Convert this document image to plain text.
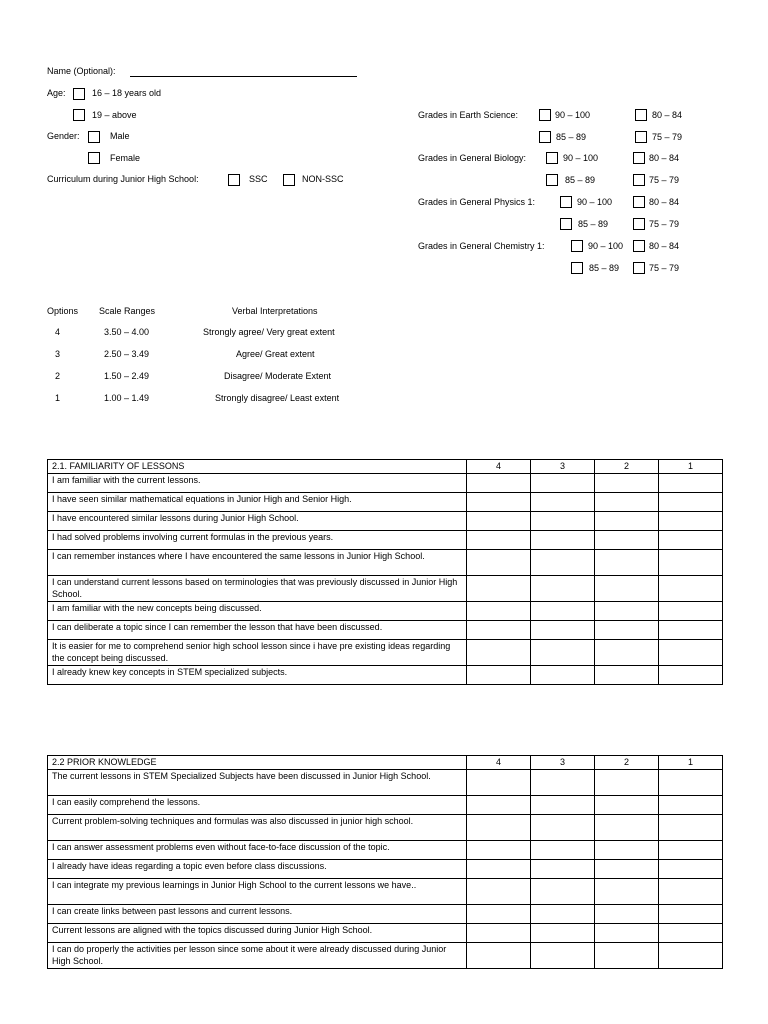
Name (Optional):
Age:	16 – 18 years old
19 – above
Gender:	Male
Female
Curriculum during Junior High School:	SSC	NON-SSC
Grades in Earth Science:	90 – 100	80 – 84
85 – 89	75 – 79
Grades in General Biology:	90 – 100	80 – 84
85 – 89	75 – 79
Grades in General Physics 1:	90 – 100	80 – 84
85 – 89	75 – 79
Grades in General Chemistry 1:	90 – 100	80 – 84
85 – 89	75 – 79
Options Scale Ranges	Verbal Interpretations
4	3.50 – 4.00	Strongly agree/ Very great extent
3	2.50 – 3.49	Agree/ Great extent
2	1.50 – 2.49	Disagree/ Moderate Extent
1	1.00 – 1.49	Strongly disagree/ Least extent
2.1. FAMILIARITY OF LESSONS	4	3	2	1
I am familiar with the current lessons.				
I have seen similar mathematical equations in Junior High and Senior High.				
I have encountered similar lessons during Junior High School.				
I had solved problems involving current formulas in the previous years.				
I can remember instances where I have encountered the same lessons in Junior High School.				
I can understand current lessons based on terminologies that was previously discussed in Junior High School.				
I am familiar with the new concepts being discussed.				
I can deliberate a topic since I can remember the lesson that have been discussed.				
It is easier for me to comprehend senior high school lesson since i have pre existing ideas regarding the concept being discussed.				
I already knew key concepts in STEM specialized subjects.				
2.2 PRIOR KNOWLEDGE	4	3	2	1
The current lessons in STEM Specialized Subjects have been discussed in Junior High School.				
I can easily comprehend the lessons.				
Current problem-solving techniques and formulas was also discussed in junior high school.				
I can answer assessment problems even without face-to-face discussion of the topic.				
I already have ideas regarding a topic even before class discussions.				
I can integrate my previous learnings in Junior High School to the current lessons we have..				
I can create links between past lessons and current lessons.				
Current lessons are aligned with the topics discussed during Junior High School.				
I can do properly the activities per lesson since some about it were already discussed during Junior High School.				
